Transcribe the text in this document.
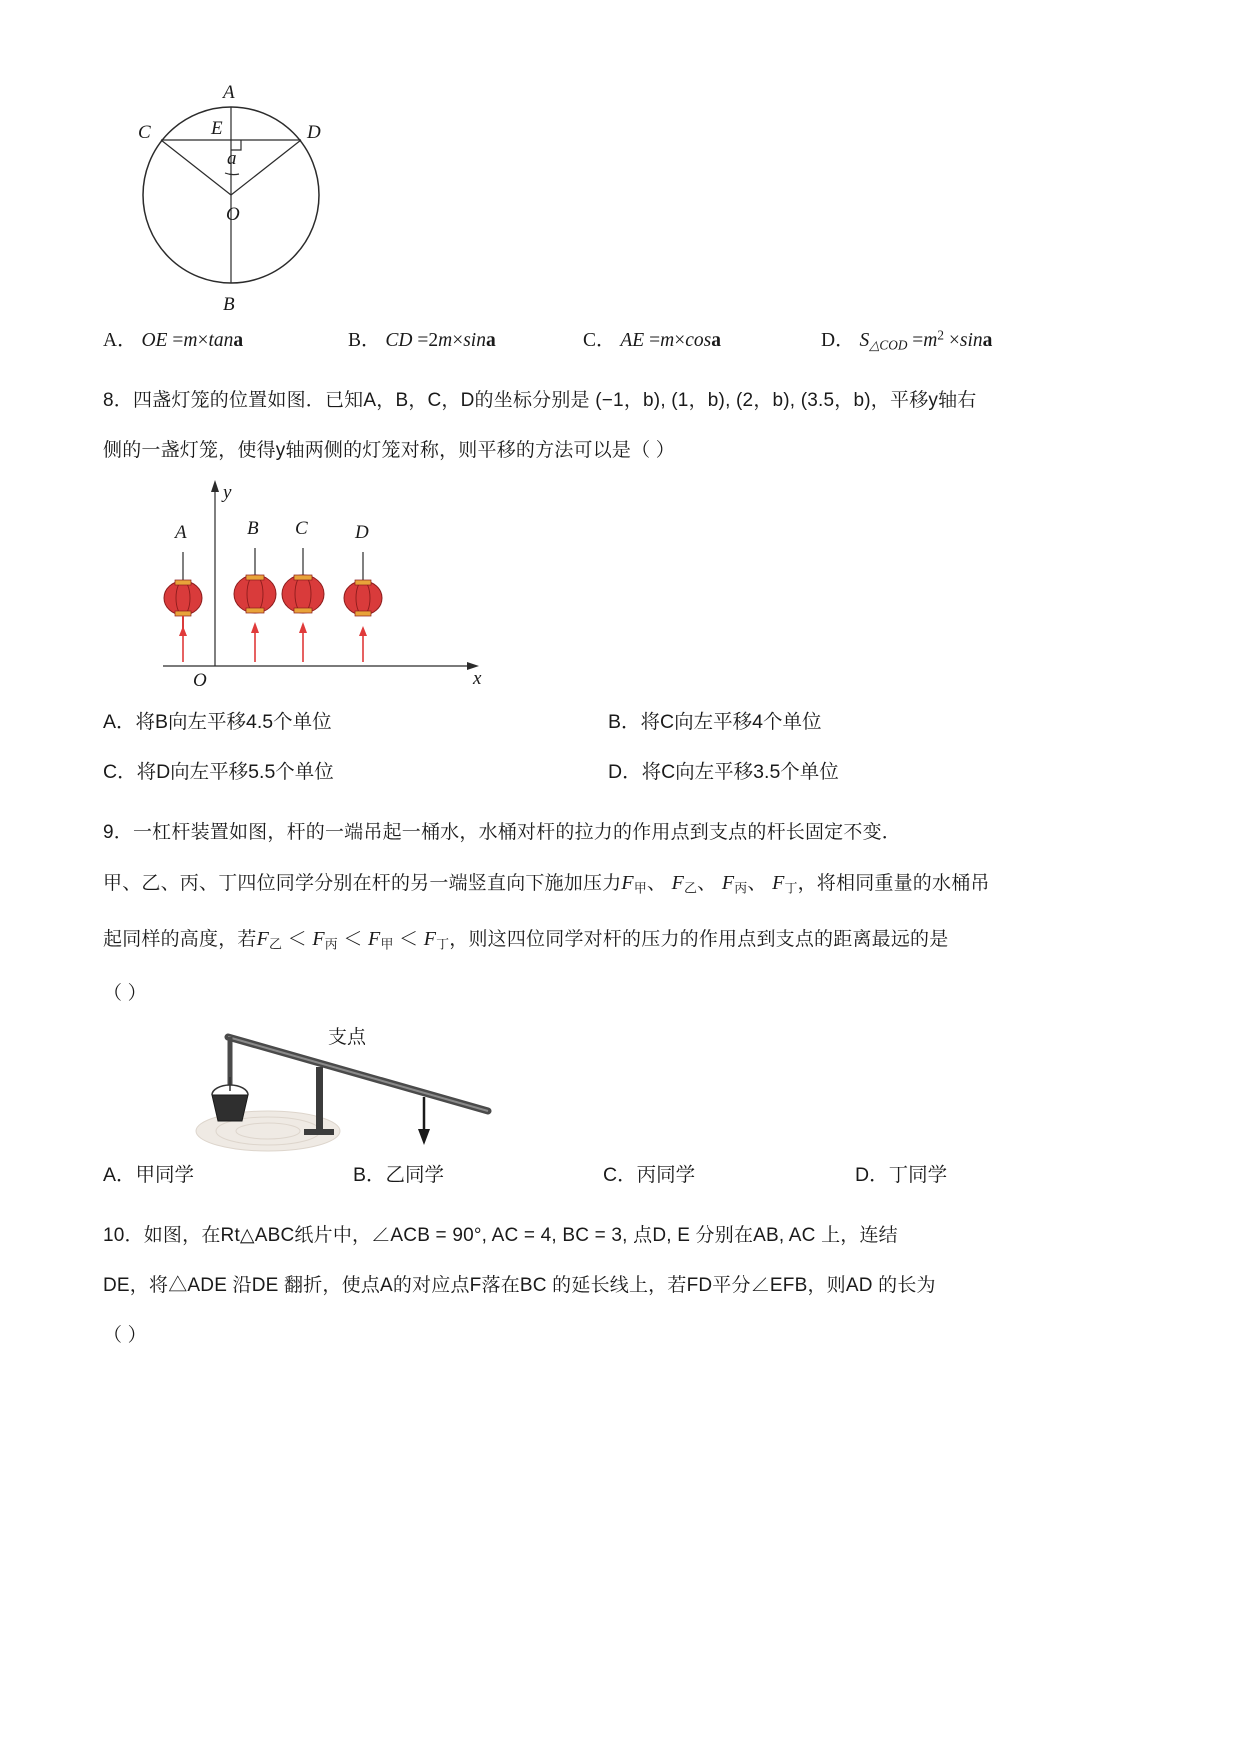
A
B
C	D
E
O
a
A． OE =m×tana	B． CD =2m×sina	C． AE =m×cosa	D． $S_{\triangle COD} =m^2 \times\sin a$
8．四盏灯笼的位置如图．已知A，B，C，D的坐标分别是 (−1，b), (1，b), (2，b), (3.5，b)，平移y轴右
侧的一盏灯笼，使得y轴两侧的灯笼对称，则平移的方法可以是（ ）
y
x
O
A	B C D
A．将B向左平移4.5个单位	B．将C向左平移4个单位
C．将D向左平移5.5个单位	D．将C向左平移3.5个单位
9．一杠杆装置如图，杆的一端吊起一桶水，水桶对杆的拉力的作用点到支点的杆长固定不变．
甲、乙、丙、丁四位同学分别在杆的另一端竖直向下施加压力$F_甲$、 $F_乙$、 $F_丙$、 $F_丁$，将相同重量的水桶吊
起同样的高度，若$F_乙 < F_丙 < F_甲 < F_丁$，则这四位同学对杆的压力的作用点到支点的距离最远的是
（ ）
支点
A．甲同学	B．乙同学	C．丙同学	D．丁同学
10．如图，在Rt△ABC纸片中，∠ACB = 90°, AC = 4, BC = 3, 点D, E 分别在AB, AC 上，连结
DE，将△ADE 沿DE 翻折，使点A的对应点F落在BC 的延长线上，若FD平分∠EFB，则AD 的长为
（ ）
